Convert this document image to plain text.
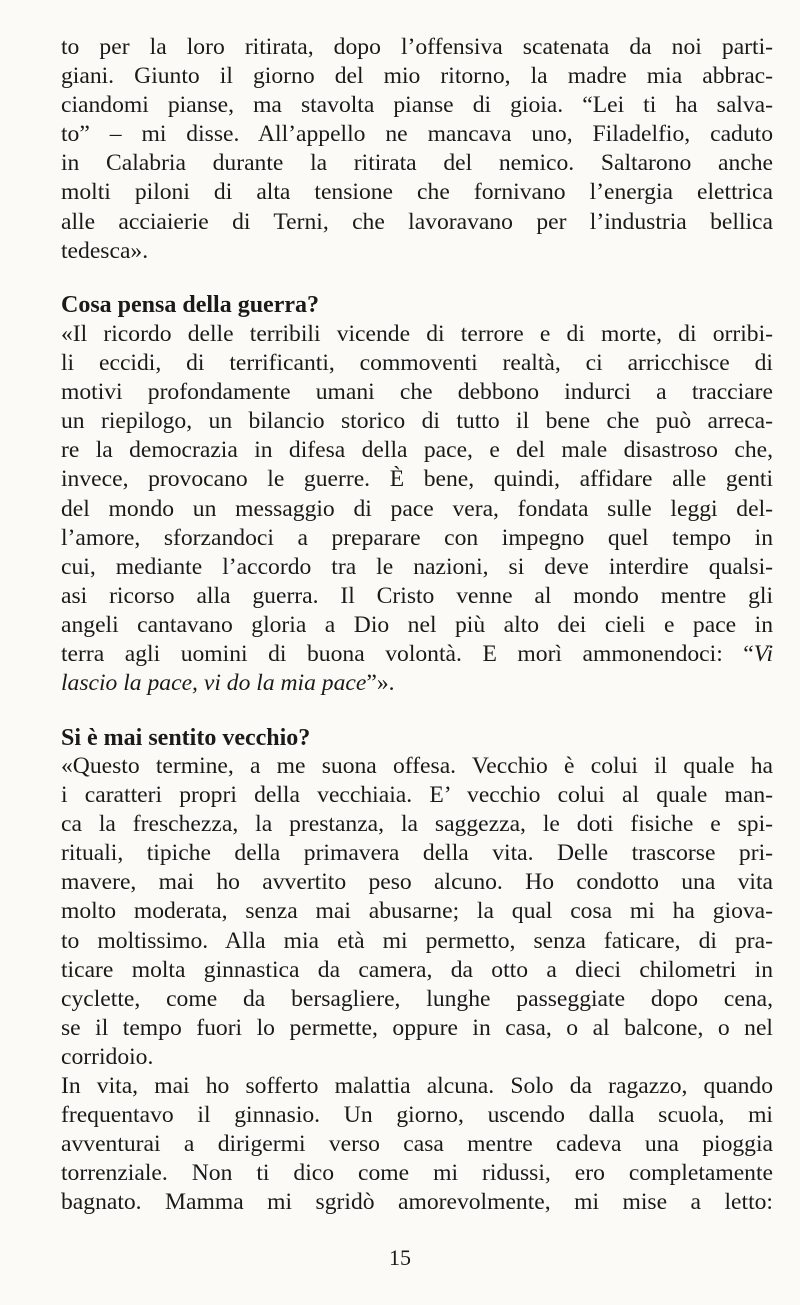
to per la loro ritirata, dopo l’offensiva scatenata da noi parti-
giani. Giunto il giorno del mio ritorno, la madre mia abbrac-
ciandomi pianse, ma stavolta pianse di gioia. “Lei ti ha salva-
to” – mi disse. All’appello ne mancava uno, Filadelfio, caduto
in Calabria durante la ritirata del nemico. Saltarono anche
molti piloni di alta tensione che fornivano l’energia elettrica
alle acciaierie di Terni, che lavoravano per l’industria bellica
tedesca».
Cosa pensa della guerra?
«Il ricordo delle terribili vicende di terrore e di morte, di orribi-
li eccidi, di terrificanti, commoventi realtà, ci arricchisce di
motivi profondamente umani che debbono indurci a tracciare
un riepilogo, un bilancio storico di tutto il bene che può arreca-
re la democrazia in difesa della pace, e del male disastroso che,
invece, provocano le guerre. È bene, quindi, affidare alle genti
del mondo un messaggio di pace vera, fondata sulle leggi del-
l’amore, sforzandoci a preparare con impegno quel tempo in
cui, mediante l’accordo tra le nazioni, si deve interdire qualsi-
asi ricorso alla guerra. Il Cristo venne al mondo mentre gli
angeli cantavano gloria a Dio nel più alto dei cieli e pace in
terra agli uomini di buona volontà. E morì ammonendoci: “Vi
lascio la pace, vi do la mia pace”».
Si è mai sentito vecchio?
«Questo termine, a me suona offesa. Vecchio è colui il quale ha
i caratteri propri della vecchiaia. E’ vecchio colui al quale man-
ca la freschezza, la prestanza, la saggezza, le doti fisiche e spi-
rituali, tipiche della primavera della vita. Delle trascorse pri-
mavere, mai ho avvertito peso alcuno. Ho condotto una vita
molto moderata, senza mai abusarne; la qual cosa mi ha giova-
to moltissimo. Alla mia età mi permetto, senza faticare, di pra-
ticare molta ginnastica da camera, da otto a dieci chilometri in
cyclette, come da bersagliere, lunghe passeggiate dopo cena,
se il tempo fuori lo permette, oppure in casa, o al balcone, o nel
corridoio.
In vita, mai ho sofferto malattia alcuna. Solo da ragazzo, quando
frequentavo il ginnasio. Un giorno, uscendo dalla scuola, mi
avventurai a dirigermi verso casa mentre cadeva una pioggia
torrenziale. Non ti dico come mi ridussi, ero completamente
bagnato. Mamma mi sgridò amorevolmente, mi mise a letto:
15
